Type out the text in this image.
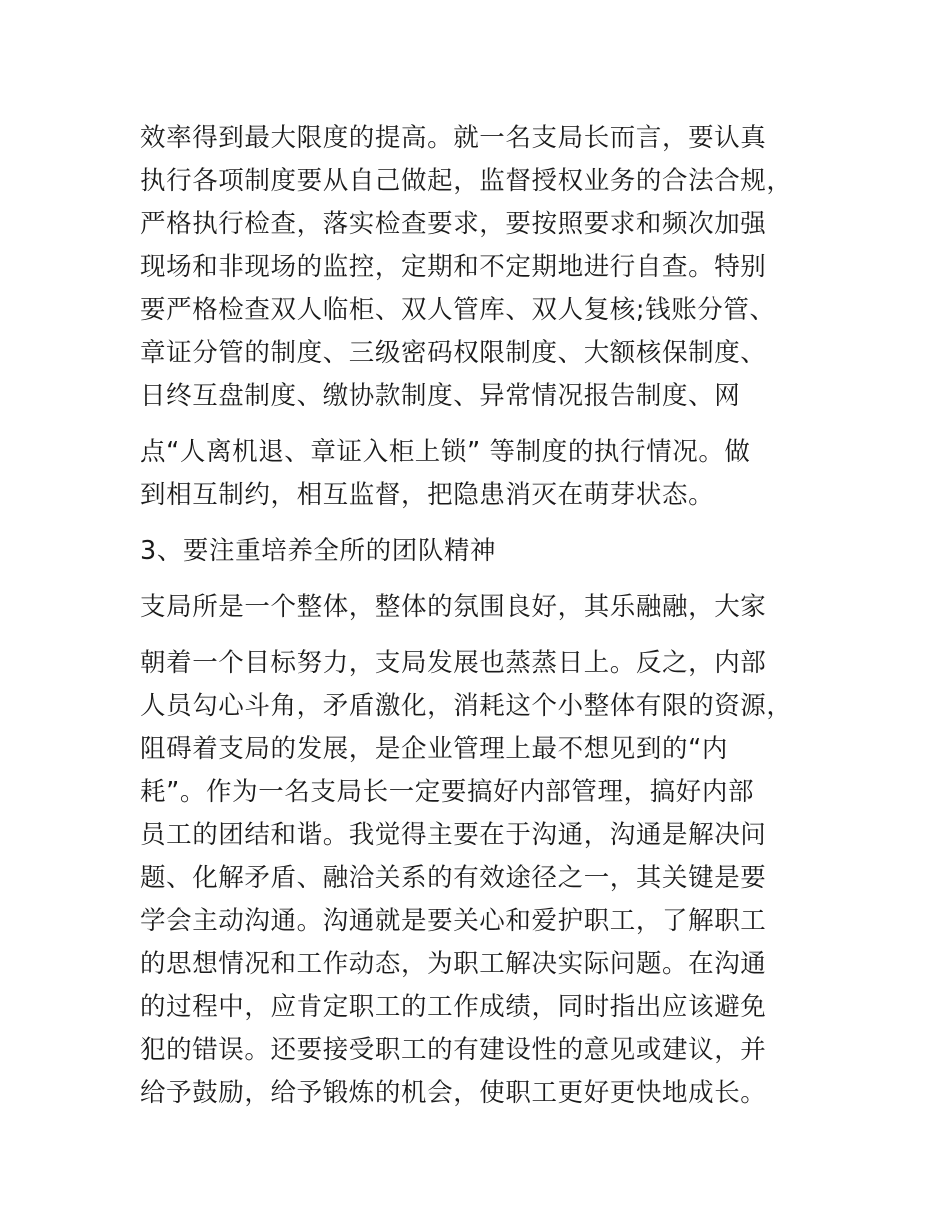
效率得到最大限度的提高。就一名支局长而言，要认真
执行各项制度要从自己做起，监督授权业务的合法合规，
严格执行检查，落实检查要求，要按照要求和频次加强
现场和非现场的监控，定期和不定期地进行自查。特别
要严格检查双人临柜、双人管库、双人复核;钱账分管、
章证分管的制度、三级密码权限制度、大额核保制度、
日终互盘制度、缴协款制度、异常情况报告制度、网
点“人离机退、章证入柜上锁” 等制度的执行情况。做
到相互制约，相互监督，把隐患消灭在萌芽状态。
3、要注重培养全所的团队精神
支局所是一个整体，整体的氛围良好，其乐融融，大家
朝着一个目标努力，支局发展也蒸蒸日上。反之，内部
人员勾心斗角，矛盾激化，消耗这个小整体有限的资源，
阻碍着支局的发展，是企业管理上最不想见到的“内
耗”。作为一名支局长一定要搞好内部管理，搞好内部
员工的团结和谐。我觉得主要在于沟通，沟通是解决问
题、化解矛盾、融洽关系的有效途径之一，其关键是要
学会主动沟通。沟通就是要关心和爱护职工，了解职工
的思想情况和工作动态，为职工解决实际问题。在沟通
的过程中，应肯定职工的工作成绩，同时指出应该避免
犯的错误。还要接受职工的有建设性的意见或建议，并
给予鼓励，给予锻炼的机会，使职工更好更快地成长。
